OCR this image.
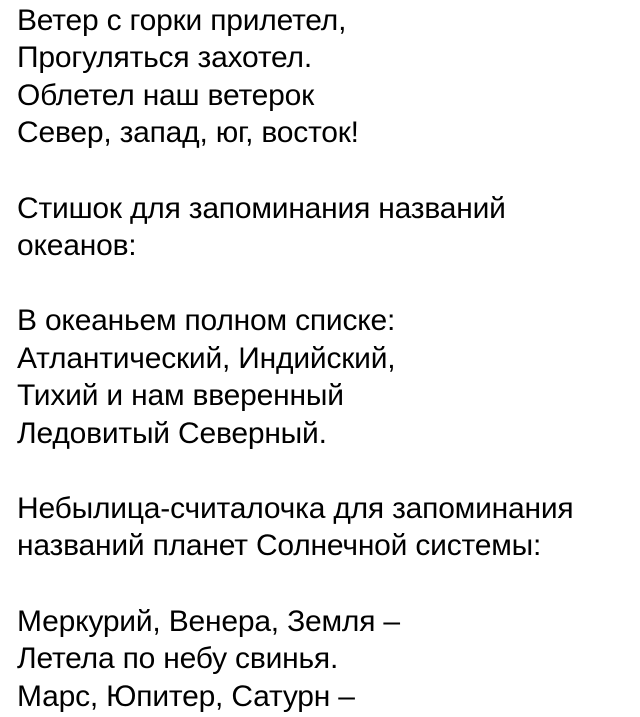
Ветер с горки прилетел,
Прогуляться захотел.
Облетел наш ветерок
Север, запад, юг, восток!

Стишок для запоминания названий
океанов:

В океаньем полном списке:
Атлантический, Индийский,
Тихий и нам вверенный
Ледовитый Северный.

Небылица-считалочка для запоминания
названий планет Солнечной системы:

Меркурий, Венера, Земля –
Летела по небу свинья.
Марс, Юпитер, Сатурн –
